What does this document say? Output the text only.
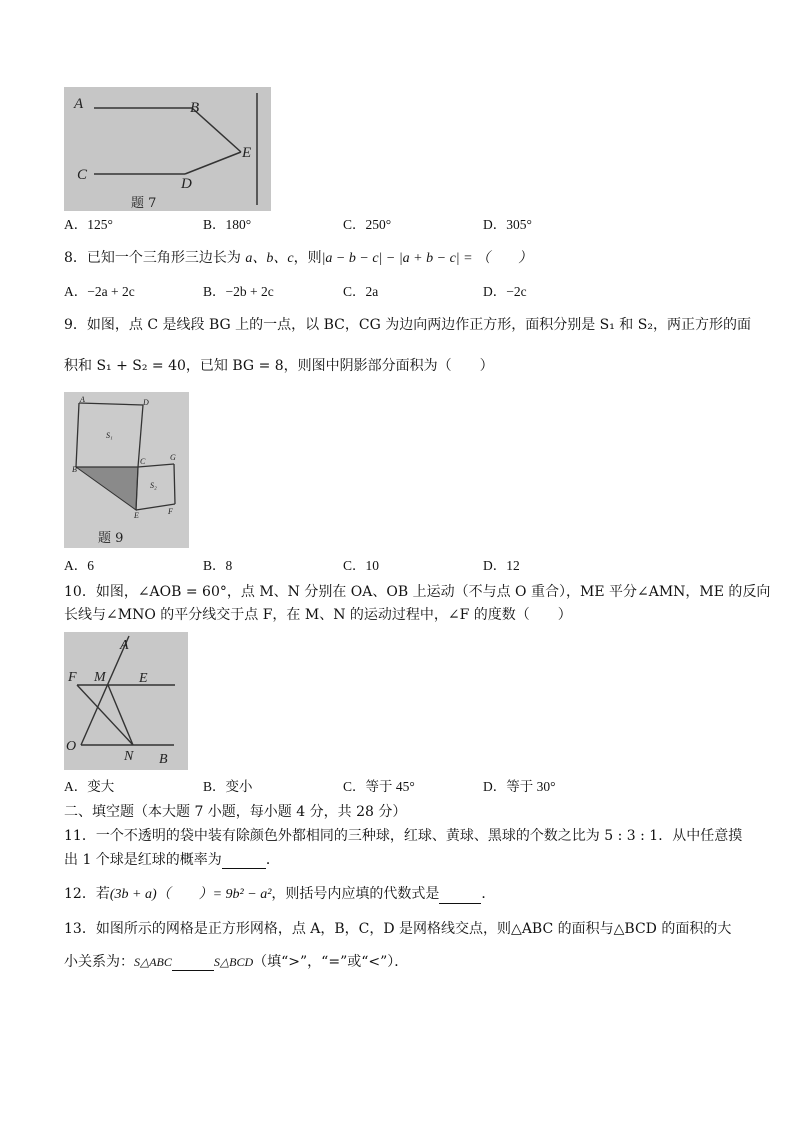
A	B
C
D
E
题 7
A．125°	B．180°	C．250°	D．305°
8．已知一个三角形三边长为 a、b、c，则|a − b − c| − |a + b − c| = （　　）
A．−2a + 2c	B．−2b + 2c	C．2a	D．−2c
9．如图，点 C 是线段 BG 上的一点，以 BC，CG 为边向两边作正方形，面积分别是 S₁ 和 S₂，两正方形的面
积和 S₁ + S₂ = 40，已知 BG = 8，则图中阴影部分面积为（　　）
A	D
B
C	G
E	F
S₁
S₂
题 9
A．6	B．8	C．10	D．12
10．如图，∠AOB = 60°，点 M、N 分别在 OA、OB 上运动（不与点 O 重合），ME 平分∠AMN，ME 的反向
长线与∠MNO 的平分线交于点 F，在 M、N 的运动过程中，∠F 的度数（　　）
A
F M E
O
N B
A．变大	B．变小	C．等于 45°	D．等于 30°
二、填空题（本大题 7 小题，每小题 4 分，共 28 分）
11．一个不透明的袋中装有除颜色外都相同的三种球，红球、黄球、黑球的个数之比为 5 : 3 : 1．从中任意摸
出 1 个球是红球的概率为	．
12．若(3b + a)（　　）= 9b² − a²，则括号内应填的代数式是	．
13．如图所示的网格是正方形网格，点 A，B，C，D 是网格线交点，则△ABC 的面积与△BCD 的面积的大
小关系为：S△ABC	S△BCD（填“>”，“=”或“<”）．
